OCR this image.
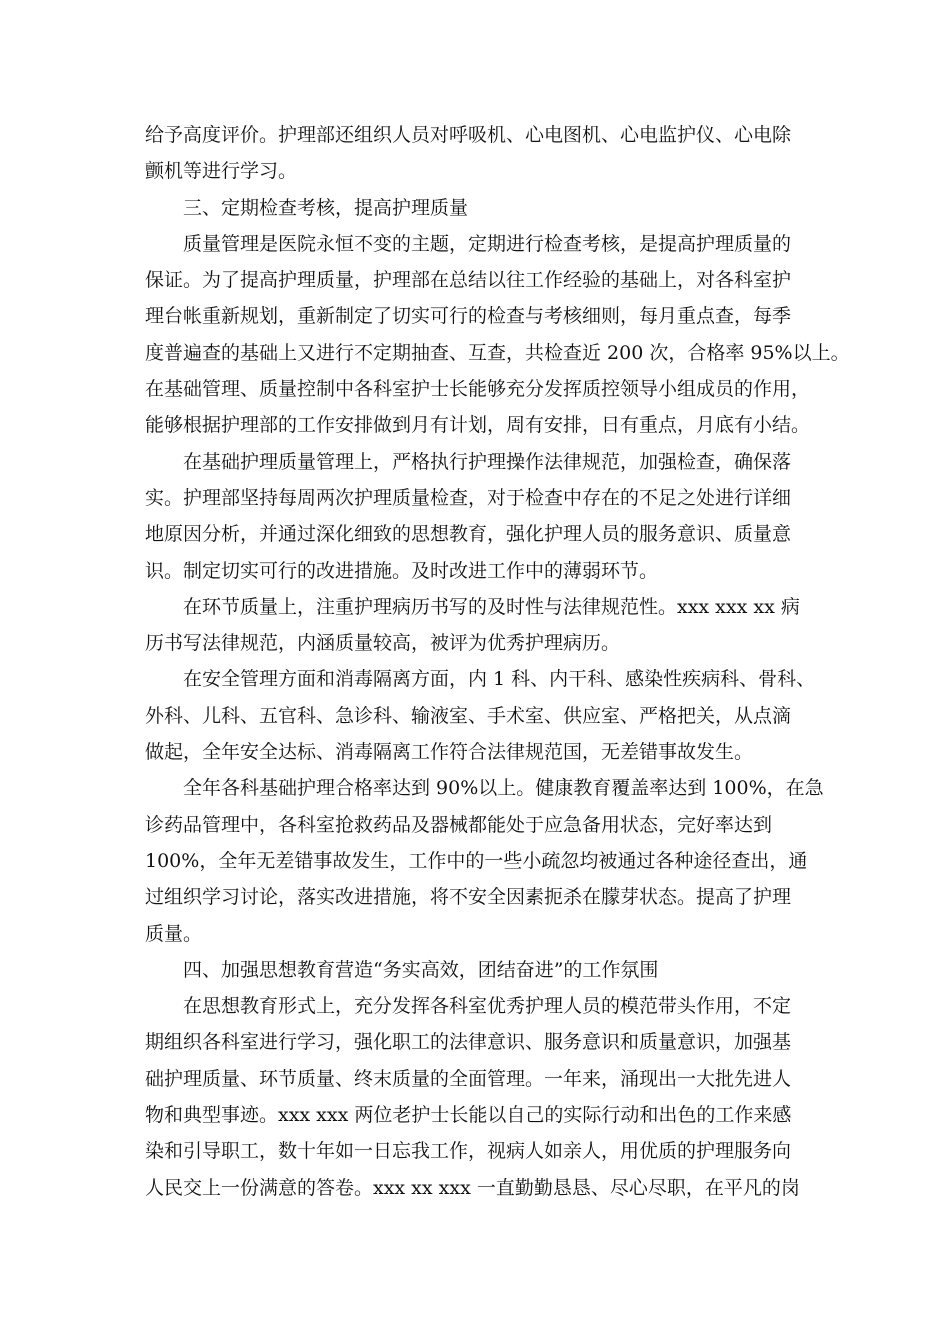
给予高度评价。护理部还组织人员对呼吸机、心电图机、心电监护仪、心电除
颤机等进行学习。
三、定期检查考核，提高护理质量
质量管理是医院永恒不变的主题，定期进行检查考核，是提高护理质量的
保证。为了提高护理质量，护理部在总结以往工作经验的基础上，对各科室护
理台帐重新规划，重新制定了切实可行的检查与考核细则，每月重点查，每季
度普遍查的基础上又进行不定期抽查、互查，共检查近 200 次，合格率 95%以上。
在基础管理、质量控制中各科室护士长能够充分发挥质控领导小组成员的作用，
能够根据护理部的工作安排做到月有计划，周有安排，日有重点，月底有小结。
在基础护理质量管理上，严格执行护理操作法律规范，加强检查，确保落
实。护理部坚持每周两次护理质量检查，对于检查中存在的不足之处进行详细
地原因分析，并通过深化细致的思想教育，强化护理人员的服务意识、质量意
识。制定切实可行的改进措施。及时改进工作中的薄弱环节。
在环节质量上，注重护理病历书写的及时性与法律规范性。xxx xxx xx 病
历书写法律规范，内涵质量较高，被评为优秀护理病历。
在安全管理方面和消毒隔离方面，内 1 科、内干科、感染性疾病科、骨科、
外科、儿科、五官科、急诊科、输液室、手术室、供应室、严格把关，从点滴
做起，全年安全达标、消毒隔离工作符合法律规范国，无差错事故发生。
全年各科基础护理合格率达到 90%以上。健康教育覆盖率达到 100%，在急
诊药品管理中，各科室抢救药品及器械都能处于应急备用状态，完好率达到
100%，全年无差错事故发生，工作中的一些小疏忽均被通过各种途径查出，通
过组织学习讨论，落实改进措施，将不安全因素扼杀在朦芽状态。提高了护理
质量。
四、加强思想教育营造“务实高效，团结奋进”的工作氛围
在思想教育形式上，充分发挥各科室优秀护理人员的模范带头作用，不定
期组织各科室进行学习，强化职工的法律意识、服务意识和质量意识，加强基
础护理质量、环节质量、终末质量的全面管理。一年来，涌现出一大批先进人
物和典型事迹。xxx xxx 两位老护士长能以自己的实际行动和出色的工作来感
染和引导职工，数十年如一日忘我工作，视病人如亲人，用优质的护理服务向
人民交上一份满意的答卷。xxx xx xxx 一直勤勤恳恳、尽心尽职，在平凡的岗
